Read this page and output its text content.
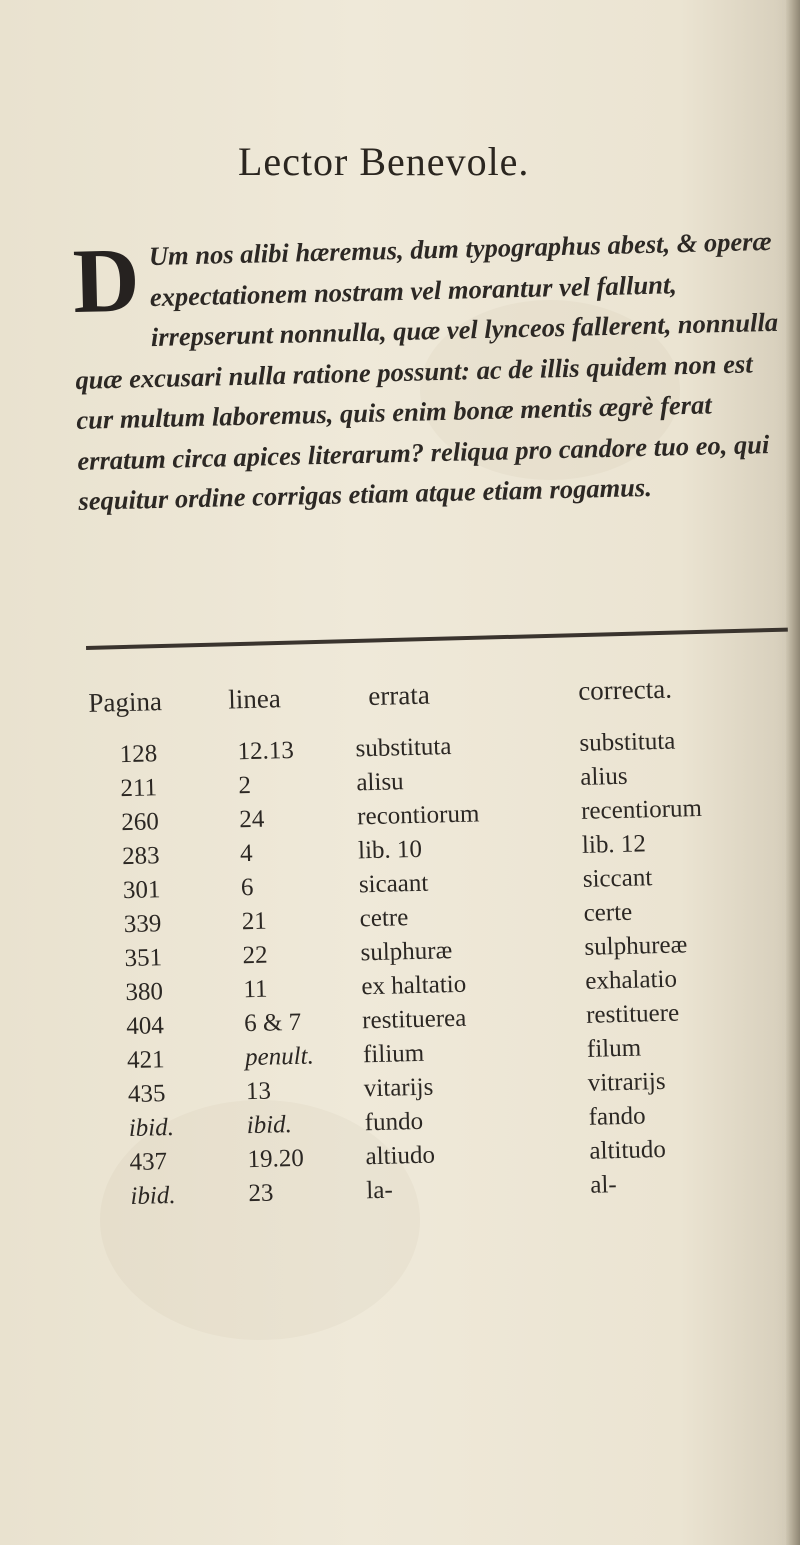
Lector Benevole.
D Um nos alibi hæremus, dum typographus abest, & operæ expectationem nostram vel morantur vel fallunt, irrepserunt nonnulla, quæ vel lynceos fallerent, nonnulla quæ excusari nulla ratione possunt: ac de illis quidem non est cur multum laboremus, quis enim bonæ mentis ægrè ferat erratum circa apices literarum? reliqua pro candore tuo eo, qui sequitur ordine corrigas etiam atque etiam rogamus.
Pagina linea	errata	correcta.
128	12.13 substituta	substituta
211	2	alisu	alius
260	24	recontiorum	recentiorum
283	4	lib. 10	lib. 12
301	6	sicaant	siccant
339	21	cetre	certe
351	22	sulphuræ	sulphureæ
380	11	ex haltatio	exhalatio
404	6 & 7 restituerea	restituere
421	penult. filium	filum
435	13	vitarijs	vitrarijs
ibid.	ibid.	fundo	fando
437	19.20 altiudo	altitudo
ibid.	23	la-	al-
